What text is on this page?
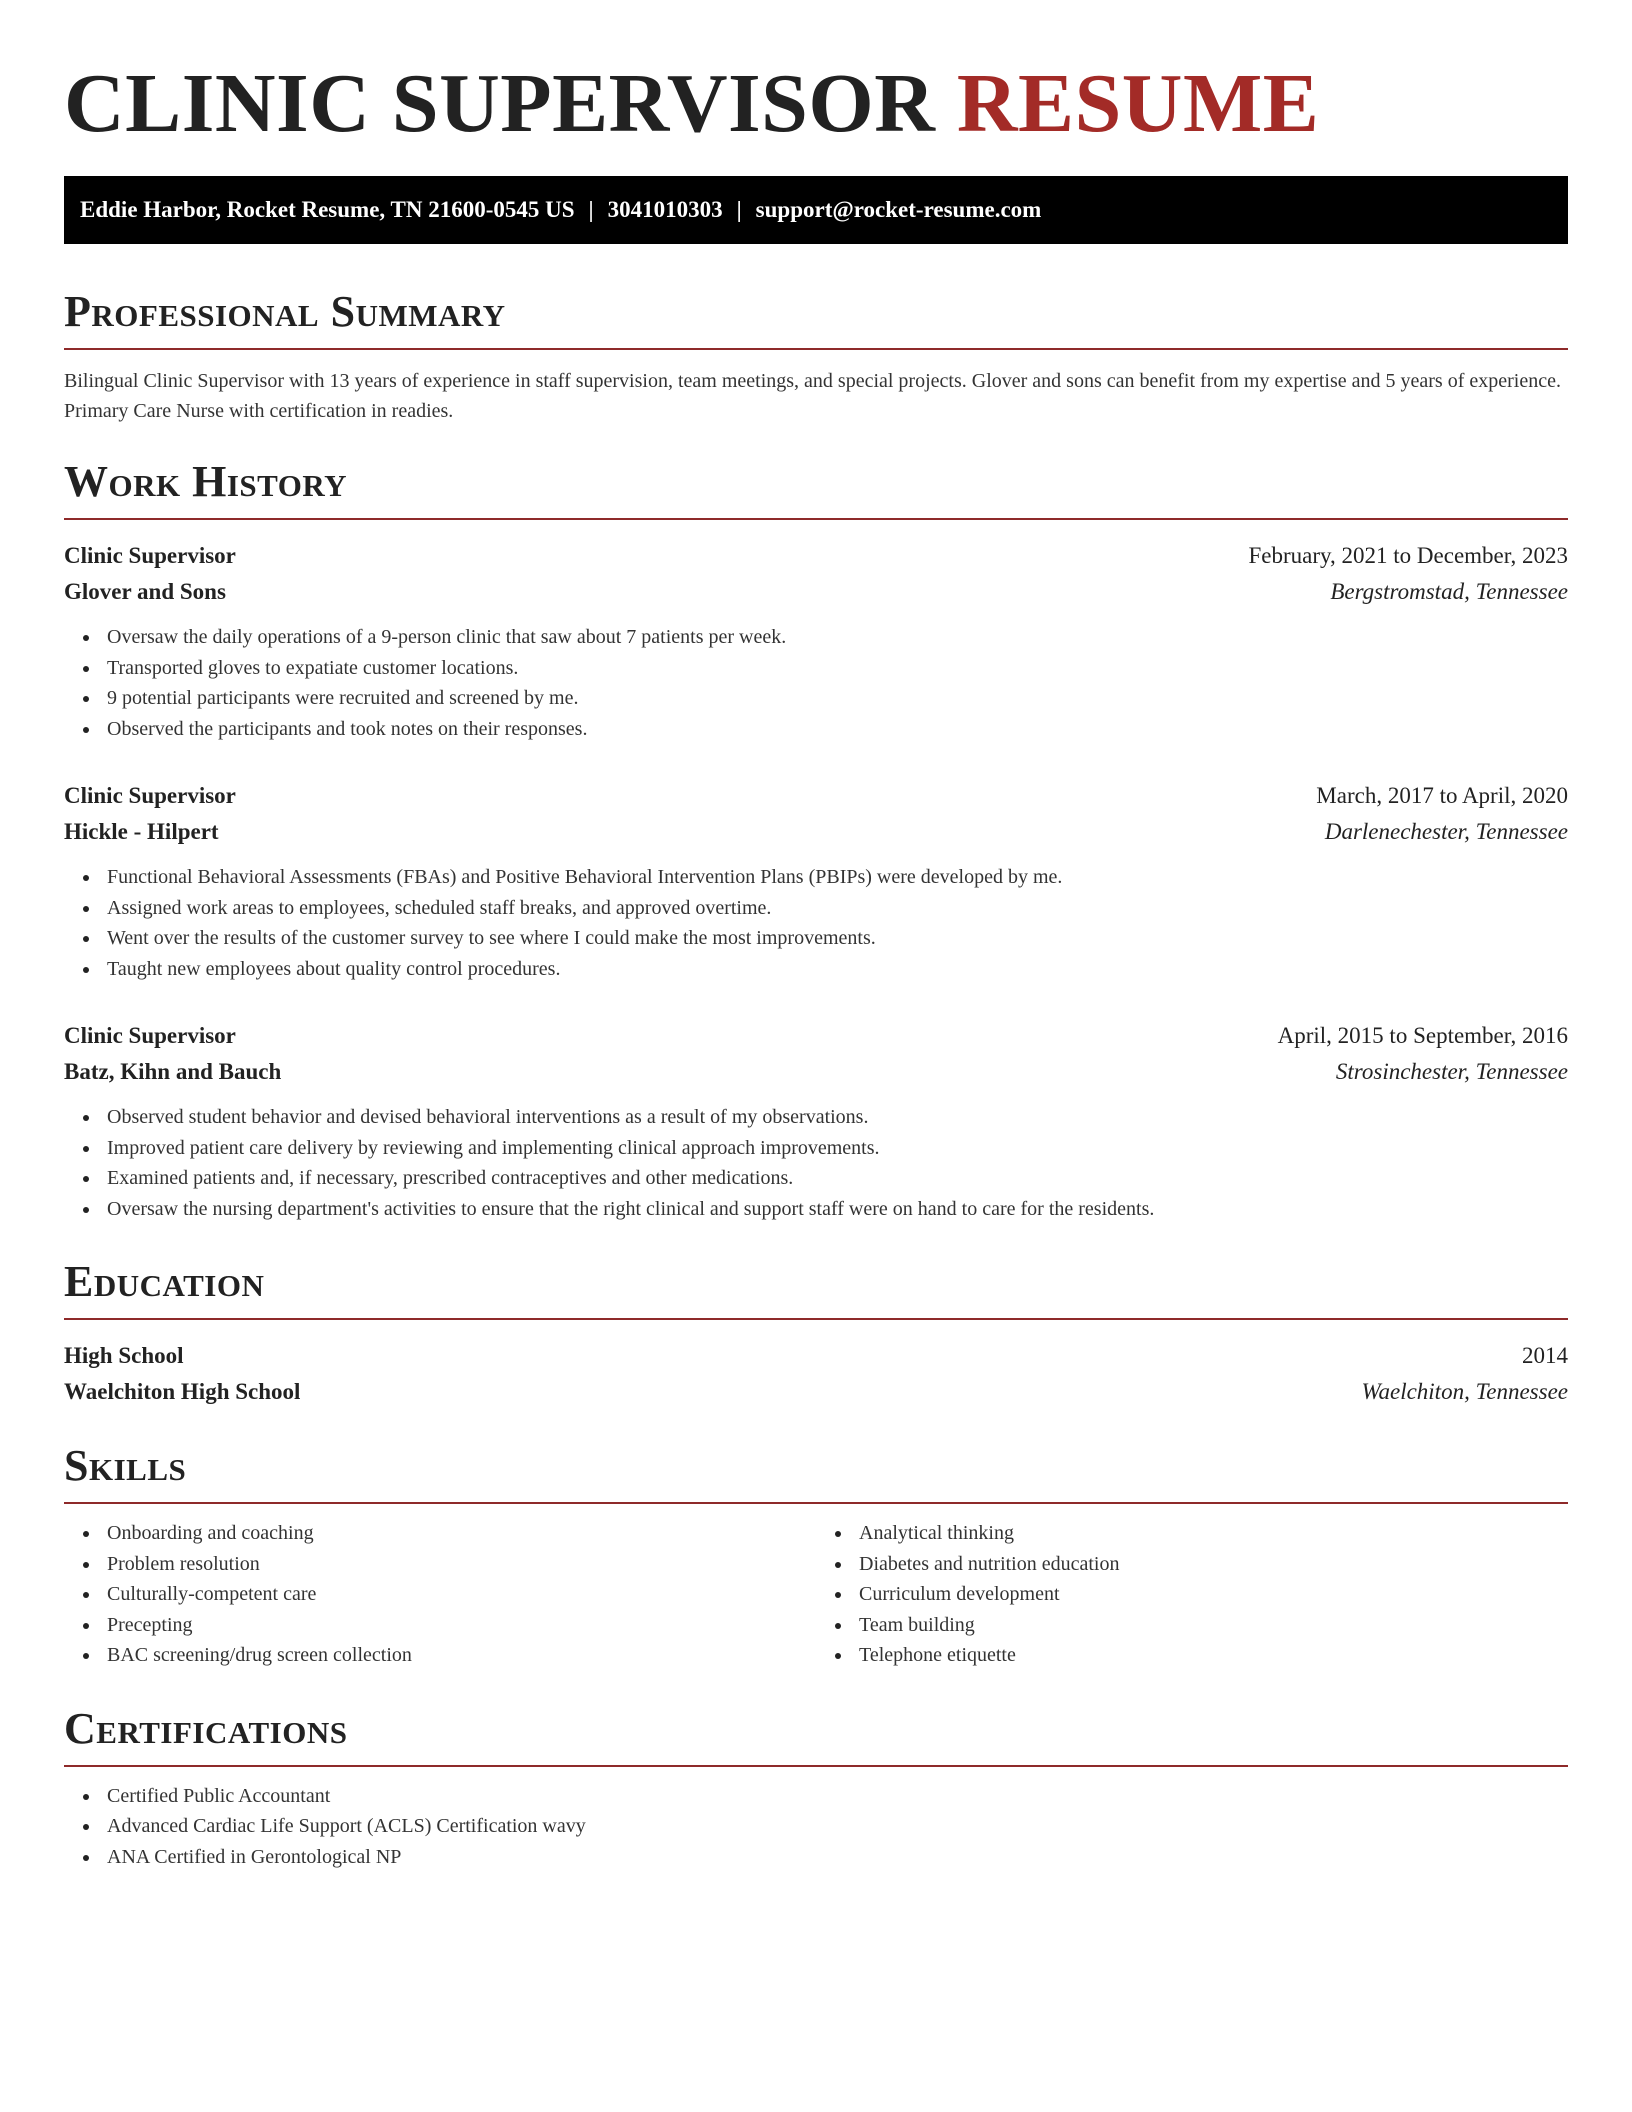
CLINIC SUPERVISOR RESUME
Eddie Harbor, Rocket Resume, TN 21600-0545 US | 3041010303 | support@rocket-resume.com
Professional Summary

Bilingual Clinic Supervisor with 13 years of experience in staff supervision, team meetings, and special projects. Glover and sons can benefit from my expertise and 5 years of experience. Primary Care Nurse with certification in readies.

Work History
Clinic Supervisor	February, 2021 to December, 2023
Glover and Sons	Bergstromstad, Tennessee
Oversaw the daily operations of a 9-person clinic that saw about 7 patients per week.
Transported gloves to expatiate customer locations.
9 potential participants were recruited and screened by me.
Observed the participants and took notes on their responses.
Clinic Supervisor	March, 2017 to April, 2020
Hickle - Hilpert	Darlenechester, Tennessee
Functional Behavioral Assessments (FBAs) and Positive Behavioral Intervention Plans (PBIPs) were developed by me.
Assigned work areas to employees, scheduled staff breaks, and approved overtime.
Went over the results of the customer survey to see where I could make the most improvements.
Taught new employees about quality control procedures.
Clinic Supervisor	April, 2015 to September, 2016
Batz, Kihn and Bauch	Strosinchester, Tennessee
Observed student behavior and devised behavioral interventions as a result of my observations.
Improved patient care delivery by reviewing and implementing clinical approach improvements.
Examined patients and, if necessary, prescribed contraceptives and other medications.
Oversaw the nursing department's activities to ensure that the right clinical and support staff were on hand to care for the residents.
Education
High School	2014
Waelchiton High School	Waelchiton, Tennessee
Skills
Onboarding and coaching
Problem resolution
Culturally-competent care
Precepting
BAC screening/drug screen collection
Analytical thinking
Diabetes and nutrition education
Curriculum development
Team building
Telephone etiquette
Certifications
Certified Public Accountant
Advanced Cardiac Life Support (ACLS) Certification wavy
ANA Certified in Gerontological NP
